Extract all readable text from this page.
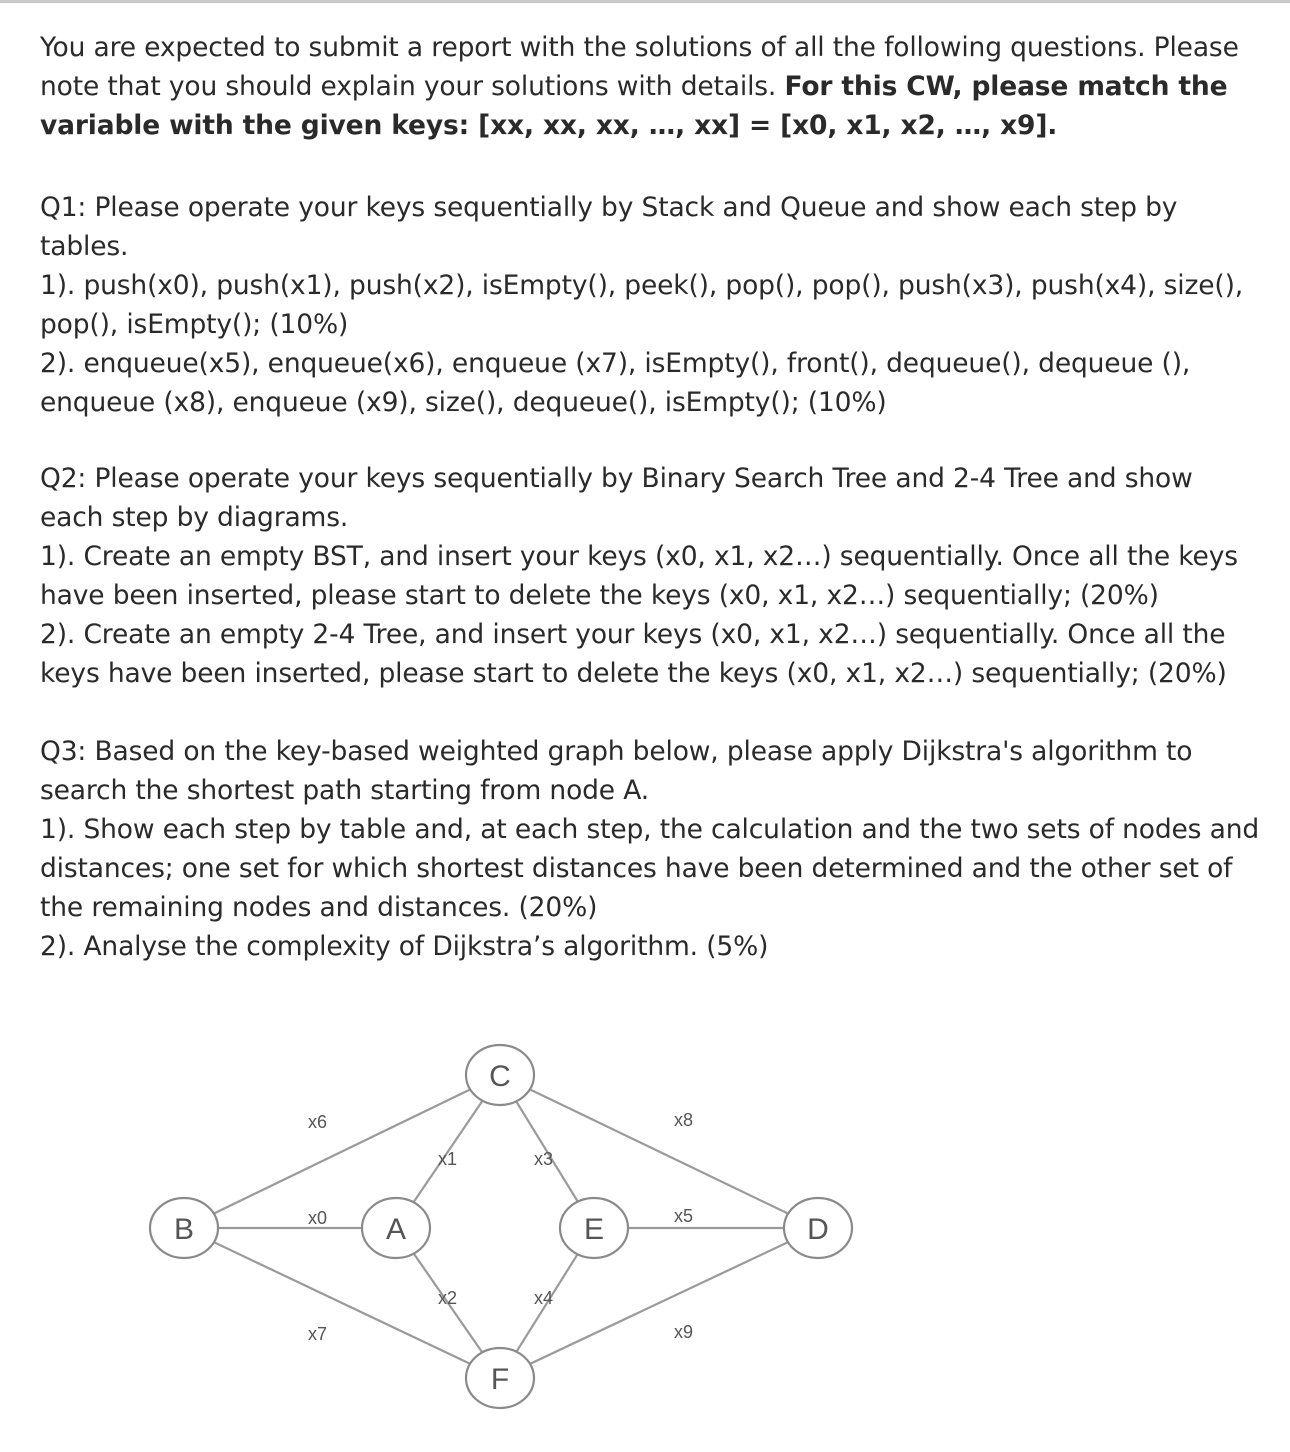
You are expected to submit a report with the solutions of all the following questions. Please
note that you should explain your solutions with details. For this CW, please match the
variable with the given keys: [xx, xx, xx, …, xx] = [x0, x1, x2, …, x9].

Q1: Please operate your keys sequentially by Stack and Queue and show each step by
tables.
1). push(x0), push(x1), push(x2), isEmpty(), peek(), pop(), pop(), push(x3), push(x4), size(),
pop(), isEmpty(); (10%)
2). enqueue(x5), enqueue(x6), enqueue (x7), isEmpty(), front(), dequeue(), dequeue (),
enqueue (x8), enqueue (x9), size(), dequeue(), isEmpty(); (10%)

Q2: Please operate your keys sequentially by Binary Search Tree and 2-4 Tree and show
each step by diagrams.
1). Create an empty BST, and insert your keys (x0, x1, x2…) sequentially. Once all the keys
have been inserted, please start to delete the keys (x0, x1, x2…) sequentially; (20%)
2). Create an empty 2-4 Tree, and insert your keys (x0, x1, x2…) sequentially. Once all the
keys have been inserted, please start to delete the keys (x0, x1, x2…) sequentially; (20%)

Q3: Based on the key-based weighted graph below, please apply Dijkstra's algorithm to
search the shortest path starting from node A.
1). Show each step by table and, at each step, the calculation and the two sets of nodes and
distances; one set for which shortest distances have been determined and the other set of
the remaining nodes and distances. (20%)
2). Analyse the complexity of Dijkstra’s algorithm. (5%)

x6
x0
x7
x1
x2
x3
x4
x8
x5
x9
B	A
C
E
F
D
